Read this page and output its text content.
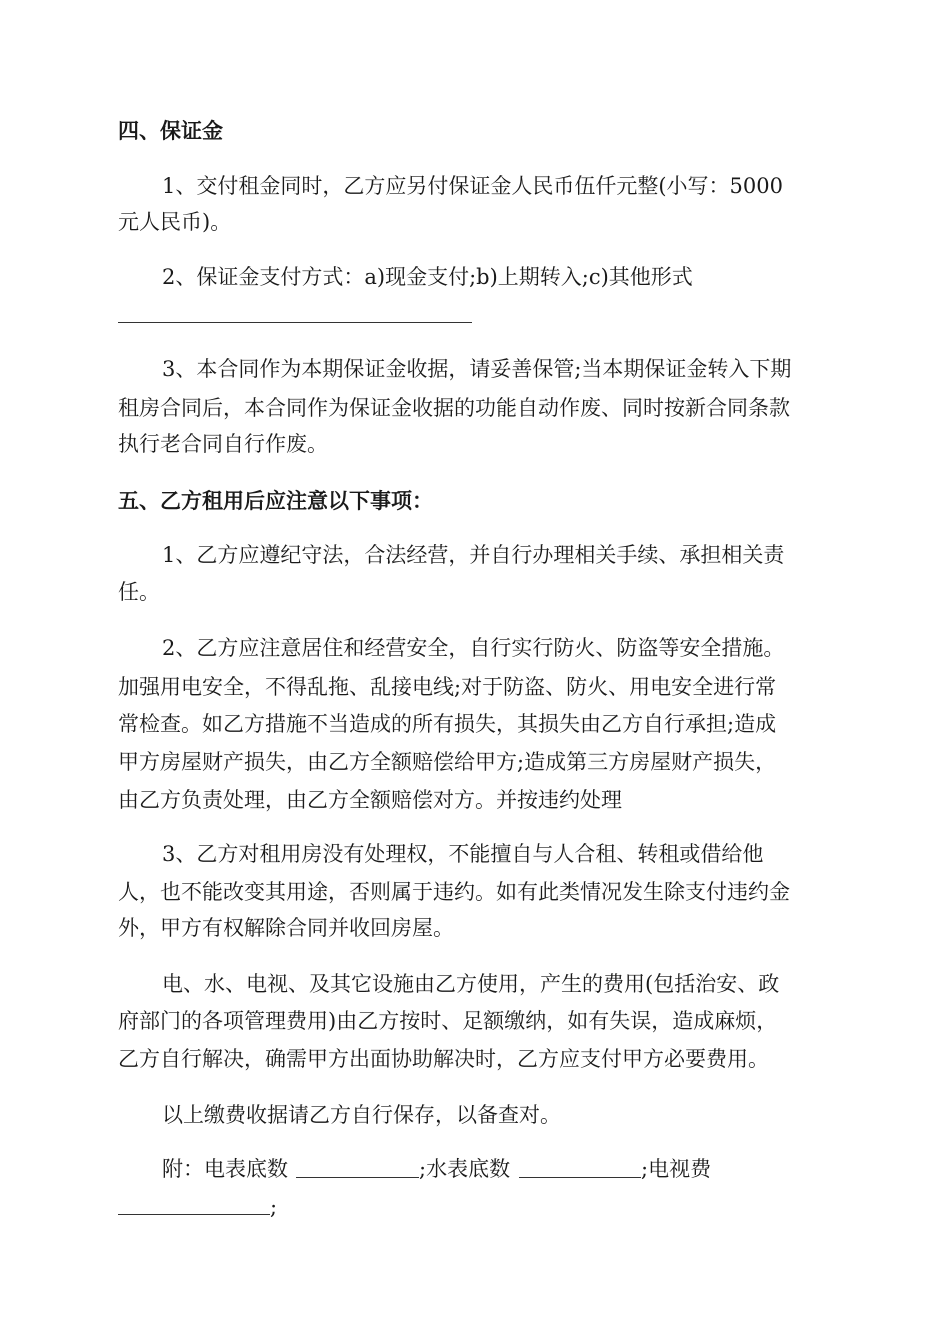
四、保证金
1、交付租金同时，乙方应另付保证金人民币伍仟元整(小写：5000
元人民币)。
2、保证金支付方式：a)现金支付;b)上期转入;c)其他形式
3、本合同作为本期保证金收据，请妥善保管;当本期保证金转入下期
租房合同后，本合同作为保证金收据的功能自动作废、同时按新合同条款
执行老合同自行作废。
五、乙方租用后应注意以下事项：
1、乙方应遵纪守法，合法经营，并自行办理相关手续、承担相关责
任。
2、乙方应注意居住和经营安全，自行实行防火、防盗等安全措施。
加强用电安全，不得乱拖、乱接电线;对于防盗、防火、用电安全进行常
常检查。如乙方措施不当造成的所有损失，其损失由乙方自行承担;造成
甲方房屋财产损失，由乙方全额赔偿给甲方;造成第三方房屋财产损失，
由乙方负责处理，由乙方全额赔偿对方。并按违约处理
3、乙方对租用房没有处理权，不能擅自与人合租、转租或借给他
人，也不能改变其用途，否则属于违约。如有此类情况发生除支付违约金
外，甲方有权解除合同并收回房屋。
电、水、电视、及其它设施由乙方使用，产生的费用(包括治安、政
府部门的各项管理费用)由乙方按时、足额缴纳，如有失误，造成麻烦，
乙方自行解决，确需甲方出面协助解决时，乙方应支付甲方必要费用。
以上缴费收据请乙方自行保存，以备查对。
附：电表底数	;水表底数	;电视费
;
